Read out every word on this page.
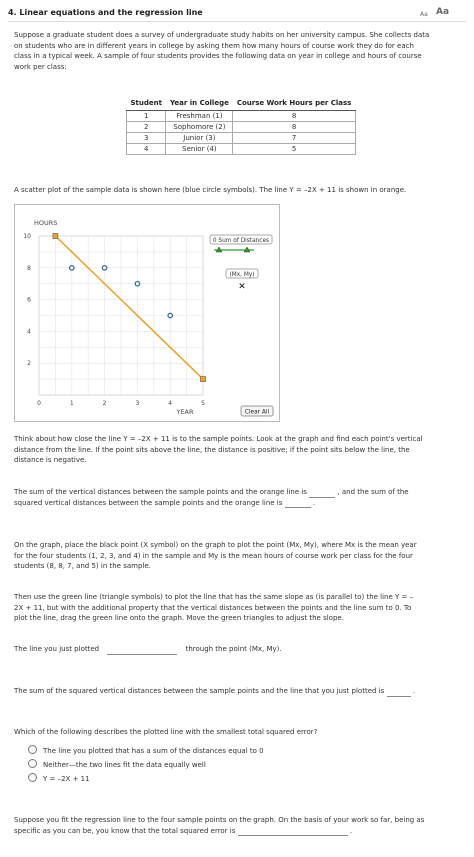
4. Linear equations and the regression line	Aa Aa
Suppose a graduate student does a survey of undergraduate study habits on her university campus. She collects data
on students who are in different years in college by asking them how many hours of course work they do for each
class in a typical week. A sample of four students provides the following data on year in college and hours of course
work per class:
Student	Year in College	Course Work Hours per Class
1	Freshman (1)	8
2	Sophomore (2)	8
3	Junior (3)	7
4	Senior (4)	5
A scatter plot of the sample data is shown here (blue circle symbols). The line Y = –2X + 11 is shown in orange.
HOURS
2
4
6
8
10
0	1	2	3	4	5
YEAR
0 Sum of Distances
(Mx, My)
✕
Clear All
Think about how close the line Y = –2X + 11 is to the sample points. Look at the graph and find each point's vertical
distance from the line. If the point sits above the line, the distance is positive; if the point sits below the line, the
distance is negative.
The sum of the vertical distances between the sample points and the orange line is	, and the sum of the
squared vertical distances between the sample points and the orange line is	.
On the graph, place the black point (X symbol) on the graph to plot the point (Mx, My), where Mx is the mean year
for the four students (1, 2, 3, and 4) in the sample and My is the mean hours of course work per class for the four
students (8, 8, 7, and 5) in the sample.
Then use the green line (triangle symbols) to plot the line that has the same slope as (is parallel to) the line Y = –
2X + 11, but with the additional property that the vertical distances between the points and the line sum to 0. To
plot the line, drag the green line onto the graph. Move the green triangles to adjust the slope.
The line you just plotted	through the point (Mx, My).
The sum of the squared vertical distances between the sample points and the line that you just plotted is	.
Which of the following describes the plotted line with the smallest total squared error?
The line you plotted that has a sum of the distances equal to 0
Neither—the two lines fit the data equally well
Y = –2X + 11
Suppose you fit the regression line to the four sample points on the graph. On the basis of your work so far, being as
specific as you can be, you know that the total squared error is	.
